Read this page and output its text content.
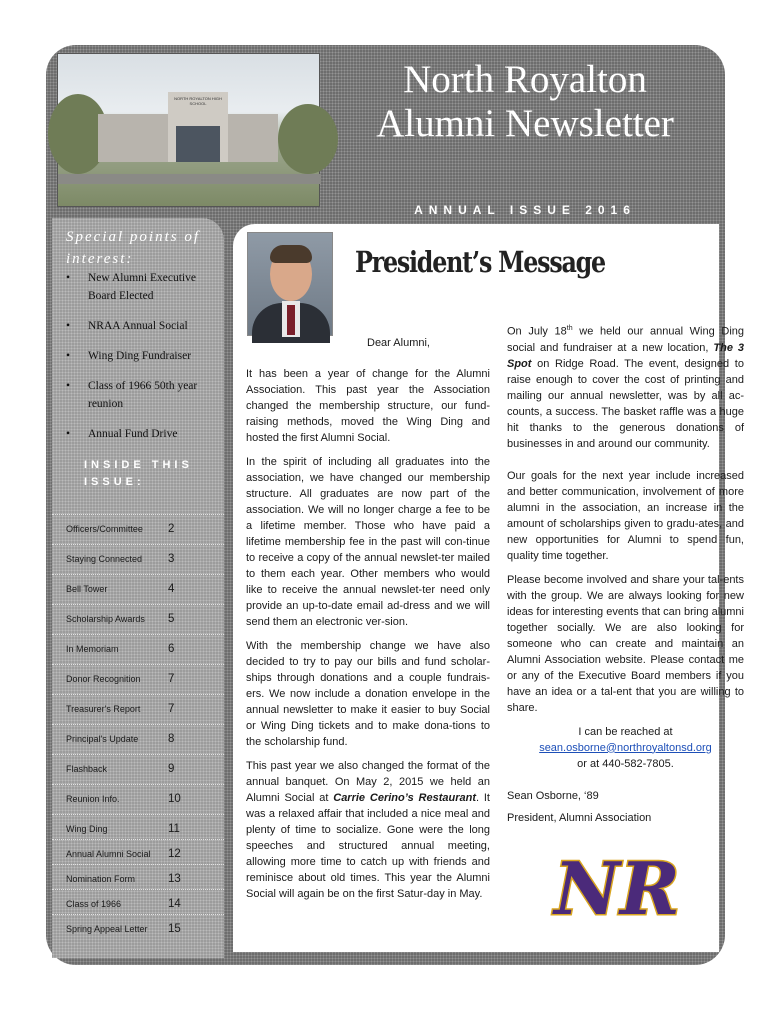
NORTH ROYALTON HIGH SCHOOL
North Royalton
Alumni Newsletter
ANNUAL ISSUE 2016
Special points of interest:
• New Alumni Executive Board Elected
• NRAA Annual Social
• Wing Ding Fundraiser
• Class of 1966 50th year reunion
• Annual Fund Drive
INSIDE THIS ISSUE:
Officers/Committee 2
Staying Connected 3
Bell Tower	4
Scholarship Awards 5
In Memoriam	6
Donor Recognition 7
Treasurer's Report 7
Principal's Update	8
Flashback	9
Reunion Info.	10
Wing Ding	11
Annual Alumni Social 12
Nomination Form	13
Class of 1966	14
Spring Appeal Letter 15
President’s Message
Dear Alumni,

It has been a year of change for the Alumni Association. This past year the Association changed the membership structure, our fund-raising methods, moved the Wing Ding and hosted the first Alumni Social.

In the spirit of including all graduates into the association, we have changed our membership structure. All graduates are now part of the association. We will no longer charge a fee to be a lifetime member. Those who have paid a lifetime membership fee in the past will con-tinue to receive a copy of the annual newslet-ter mailed to them each year. Other members who would like to receive the annual newslet-ter need only provide an up-to-date email ad-dress and we will send them an electronic ver-sion.

With the membership change we have also decided to try to pay our bills and fund scholar-ships through donations and a couple fundrais-ers. We now include a donation envelope in the annual newsletter to make it easier to buy Social or Wing Ding tickets and to make dona-tions to the scholarship fund.

This past year we also changed the format of the annual banquet. On May 2, 2015 we held an Alumni Social at Carrie Cerino’s Restaurant. It was a relaxed affair that included a nice meal and plenty of time to socialize. Gone were the long speeches and structured annual meeting, allowing more time to catch up with friends and reminisce about old times. This year the Alumni Social will again be on the first Satur-day in May.

On July 18th we held our annual Wing Ding social and fundraiser at a new location, The 3 Spot on Ridge Road. The event, designed to raise enough to cover the cost of printing and mailing our annual newsletter, was by all ac-counts, a success. The basket raffle was a huge hit thanks to the generous donations of businesses in and around our community.

Our goals for the next year include increased and better communication, involvement of more alumni in the association, an increase in the amount of scholarships given to gradu-ates, and new opportunities for Alumni to spend fun, quality time together.

Please become involved and share your tal-ents with the group. We are always looking for new ideas for interesting events that can bring alumni together socially. We are also looking for someone who can create and maintain an Alumni Association website. Please contact me or any of the Executive Board members if you have an idea or a tal-ent that you are willing to share.

I can be reached at

sean.osborne@northroyaltonsd.org

or at 440-582-7805.

Sean Osborne, ‘89
President, Alumni Association
NR
